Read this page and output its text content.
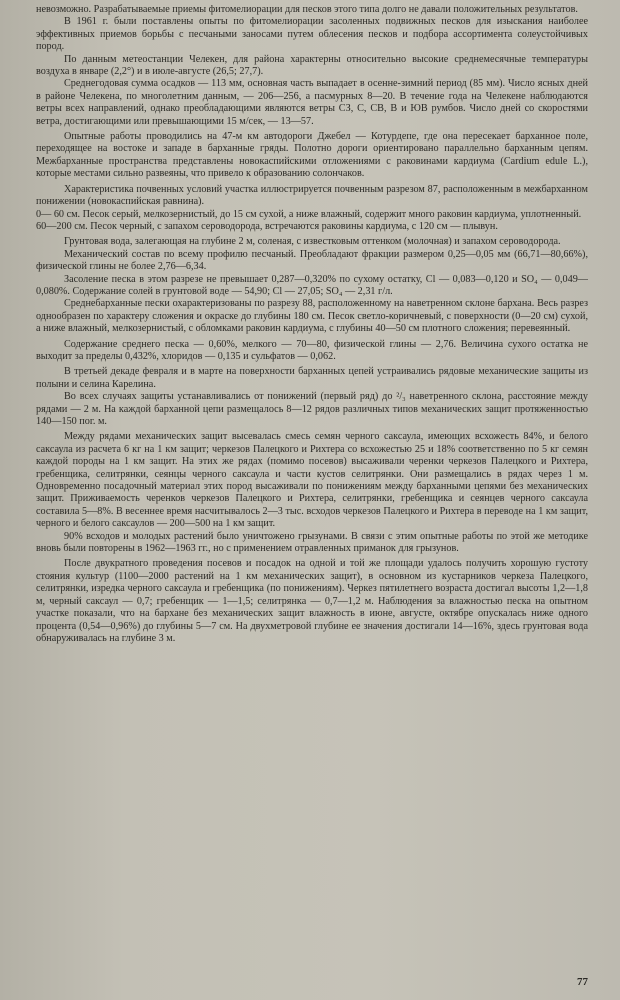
невозможно. Разрабатываемые приемы фитомелиорации для песков этого типа долго не давали положительных результатов.

В 1961 г. были поставлены опыты по фитомелиорации засоленных подвижных песков для изыскания наиболее эффективных приемов борьбы с песчаными заносами путем облесения песков и подбора ассортимента солеустойчивых пород.

По данным метеостанции Челекен, для района характерны относительно высокие среднемесячные температуры воздуха в январе (2,2°) и в июле-августе (26,5; 27,7).

Среднегодовая сумма осадков — 113 мм, основная часть выпадает в осенне-зимний период (85 мм). Число ясных дней в районе Челекена, по многолетним данным, — 206—256, а пасмурных 8—20. В течение года на Челекене наблюдаются ветры всех направлений, однако преобладающими являются ветры СЗ, С, СВ, В и ЮВ румбов. Число дней со скоростями ветра, достигающими или превышающими 15 м/сек, — 13—57.

Опытные работы проводились на 47-м км автодороги Джебел — Котурдепе, где она пересекает барханное поле, переходящее на востоке и западе в барханные гряды. Полотно дороги ориентировано параллельно барханным цепям. Межбарханные пространства представлены новокаспийскими отложениями с раковинами кардиума (Cardium edule L.), которые местами сильно развеяны, что привело к образованию солончаков.

Характеристика почвенных условий участка иллюстрируется почвенным разрезом 87, расположенным в межбарханном понижении (новокаспийская равнина).

0— 60 см. Песок серый, мелкозернистый, до 15 см сухой, а ниже влажный, содержит много раковин кардиума, уплотненный.

60—200 см. Песок черный, с запахом сероводорода, встречаются раковины кардиума, с 120 см — плывун.

Грунтовая вода, залегающая на глубине 2 м, соленая, с известковым оттенком (молочная) и запахом сероводорода.

Механический состав по всему профилю песчаный. Преобладают фракции размером 0,25—0,05 мм (66,71—80,66%), физической глины не более 2,76—6,34.

Засоление песка в этом разрезе не превышает 0,287—0,320% по сухому остатку, Cl — 0,083—0,120 и SO₄ — 0,049—0,080%. Содержание солей в грунтовой воде — 54,90; Cl — 27,05; SO₄ — 2,31 г/л.

Среднебарханные пески охарактеризованы по разрезу 88, расположенному на наветренном склоне бархана. Весь разрез однообразен по характеру сложения и окраске до глубины 180 см. Песок светло-коричневый, с поверхности (0—20 см) сухой, а ниже влажный, мелкозернистый, с обломками раковин кардиума, с глубины 40—50 см плотного сложения; перевеянный.

Содержание среднего песка — 0,60%, мелкого — 70—80, физической глины — 2,76. Величина сухого остатка не выходит за пределы 0,432%, хлоридов — 0,135 и сульфатов — 0,062.

В третьей декаде февраля и в марте на поверхности барханных цепей устраивались рядовые механические защиты из полыни и селина Карелина.

Во всех случаях защиты устанавливались от понижений (первый ряд) до ²/₃ наветренного склона, расстояние между рядами — 2 м. На каждой барханной цепи размещалось 8—12 рядов различных типов механических защит протяженностью 140—150 пог. м.

Между рядами механических защит высевалась смесь семян черного саксаула, имеющих всхожесть 84%, и белого саксаула из расчета 6 кг на 1 км защит; черкезов Палецкого и Рихтера со всхожестью 25 и 18% соответственно по 5 кг семян каждой породы на 1 км защит. На этих же рядах (помимо посевов) высаживали черенки черкезов Палецкого и Рихтера, гребенщика, селитрянки, сеянцы черного саксаула и части кустов селитрянки. Они размещались в рядах через 1 м. Одновременно посадочный материал этих пород высаживали по понижениям между барханными цепями без механических защит. Приживаемость черенков черкезов Палецкого и Рихтера, селитрянки, гребенщика и сеянцев черного саксаула составила 5—8%. В весеннее время насчитывалось 2—3 тыс. всходов черкезов Палецкого и Рихтера в переводе на 1 км защит, черного и белого саксаулов — 200—500 на 1 км защит.

90% всходов и молодых растений было уничтожено грызунами. В связи с этим опытные работы по этой же методике вновь были повторены в 1962—1963 гг., но с применением отравленных приманок для грызунов.

После двукратного проведения посевов и посадок на одной и той же площади удалось получить хорошую густоту стояния культур (1100—2000 растений на 1 км механических защит), в основном из кустарников черкеза Палецкого, селитрянки, изредка черного саксаула и гребенщика (по понижениям). Черкез пятилетнего возраста достигал высоты 1,2—1,8 м, черный саксаул — 0,7; гребенщик — 1—1,5; селитрянка — 0,7—1,2 м. Наблюдения за влажностью песка на опытном участке показали, что на бархане без механических защит влажность в июне, августе, октябре опускалась ниже одного процента (0,54—0,96%) до глубины 5—7 см. На двухметровой глубине ее значения достигали 14—16%, здесь грунтовая вода обнаруживалась на глубине 3 м.

77
